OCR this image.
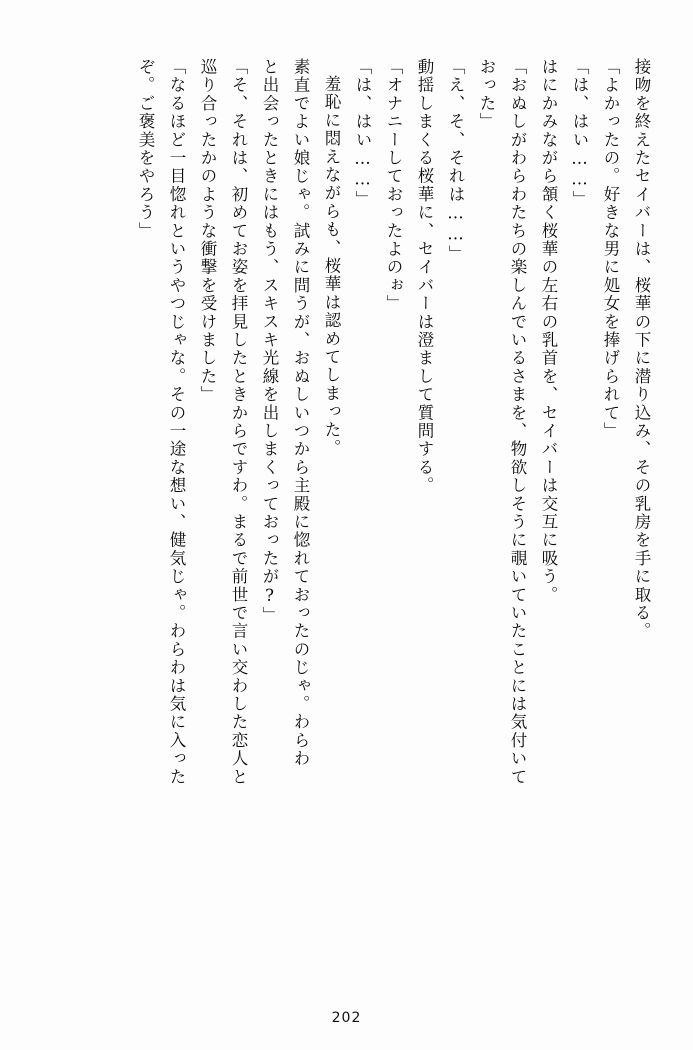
接吻を終えたセイバーは、桜華の下に潜り込み、その乳房を手に取る。
「よかったの。好きな男に処女を捧げられて」
「は、はい……」
はにかみながら頷く桜華の左右の乳首を、セイバーは交互に吸う。
「おぬしがわらわたちの楽しんでいるさまを、物欲しそうに覗いていたことには気付いて
おった」
「え、そ、それは……」
動揺しまくる桜華に、セイバーは澄まして質問する。
「オナニーしておったよのぉ」
「は、はい……」
羞恥に悶えながらも、桜華は認めてしまった。
素直でよい娘じゃ。試みに問うが、おぬしいつから主殿に惚れておったのじゃ。わらわ
と出会ったときにはもう、スキスキ光線を出しまくっておったが?」
「そ、それは、初めてお姿を拝見したときからですわ。まるで前世で言い交わした恋人と
巡り合ったかのような衝撃を受けました」
「なるほど一目惚れというやつじゃな。その一途な想い、健気じゃ。わらわは気に入った
ぞ。ご褒美をやろう」
202
